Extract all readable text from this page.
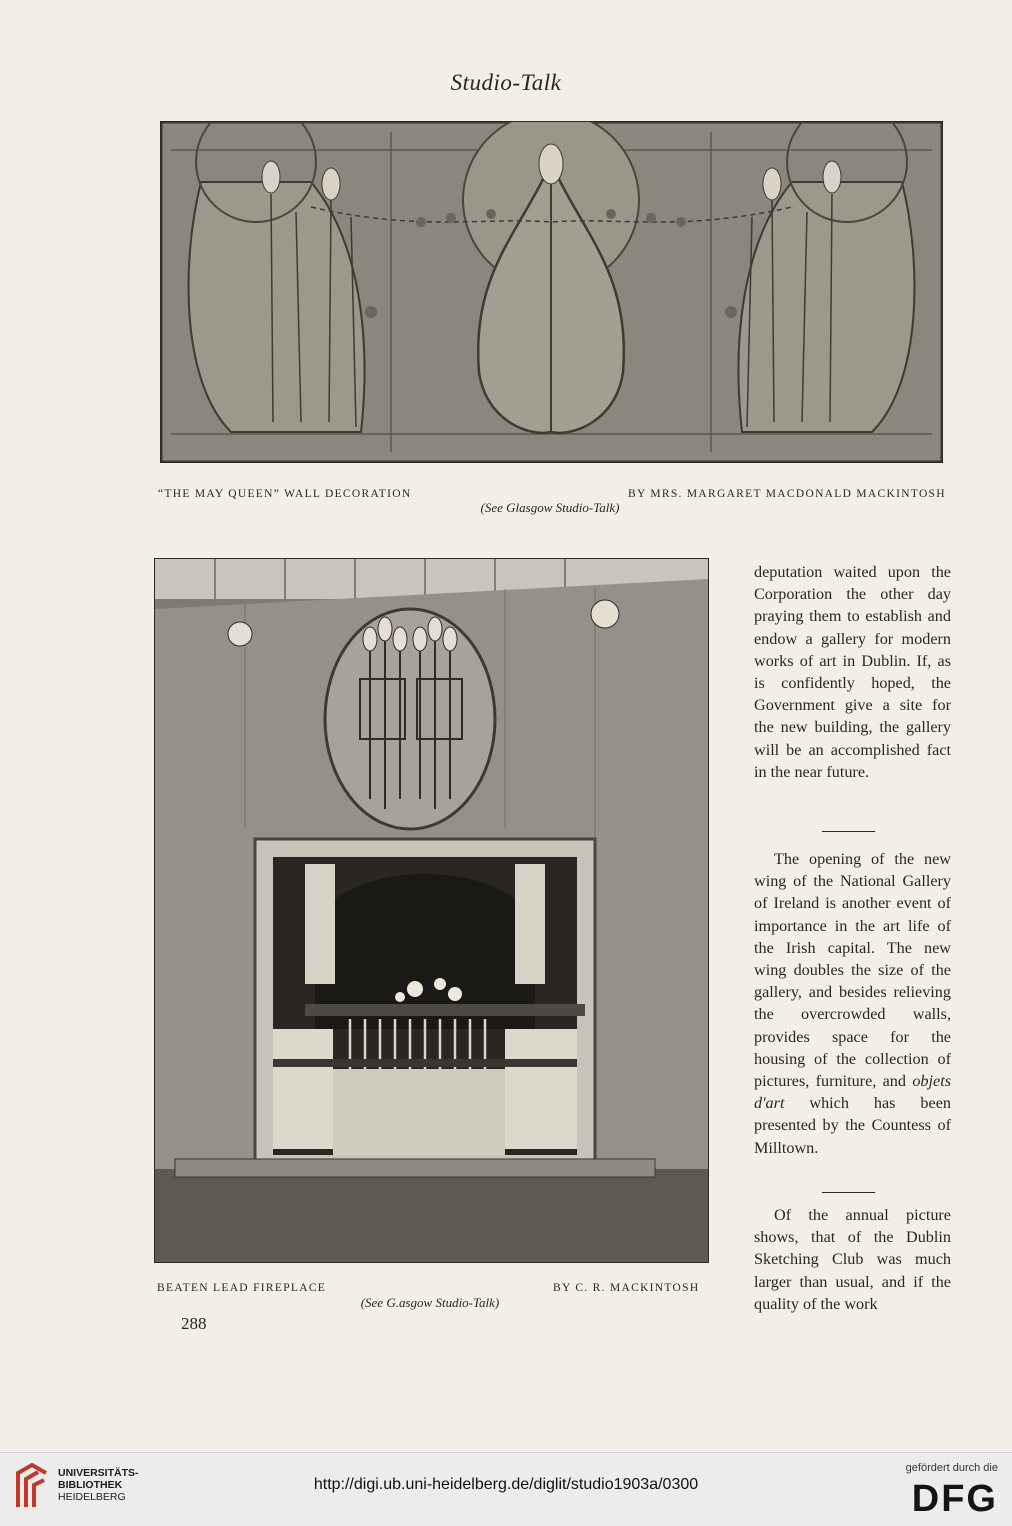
Studio-Talk
“THE MAY QUEEN” WALL DECORATION	BY MRS. MARGARET MACDONALD MACKINTOSH
(See Glasgow Studio-Talk)
BEATEN LEAD FIREPLACE	BY C. R. MACKINTOSH
(See G.asgow Studio-Talk)

deputation waited upon the Corporation the other day praying them to establish and endow a gallery for modern works of art in Dublin. If, as is confidently hoped, the Government give a site for the new building, the gallery will be an accomplished fact in the near future.

The opening of the new wing of the National Gallery of Ireland is another event of importance in the art life of the Irish capital. The new wing doubles the size of the gallery, and besides relieving the overcrowded walls, provides space for the housing of the collection of pictures, furniture, and objets d'art which has been presented by the Countess of Milltown.

Of the annual picture shows, that of the Dublin Sketching Club was much larger than usual, and if the quality of the work

288
UNIVERSITÄTS-
BIBLIOTHEK
HEIDELBERG
http://digi.ub.uni-heidelberg.de/diglit/studio1903a/0300
gefördert durch die
DFG
